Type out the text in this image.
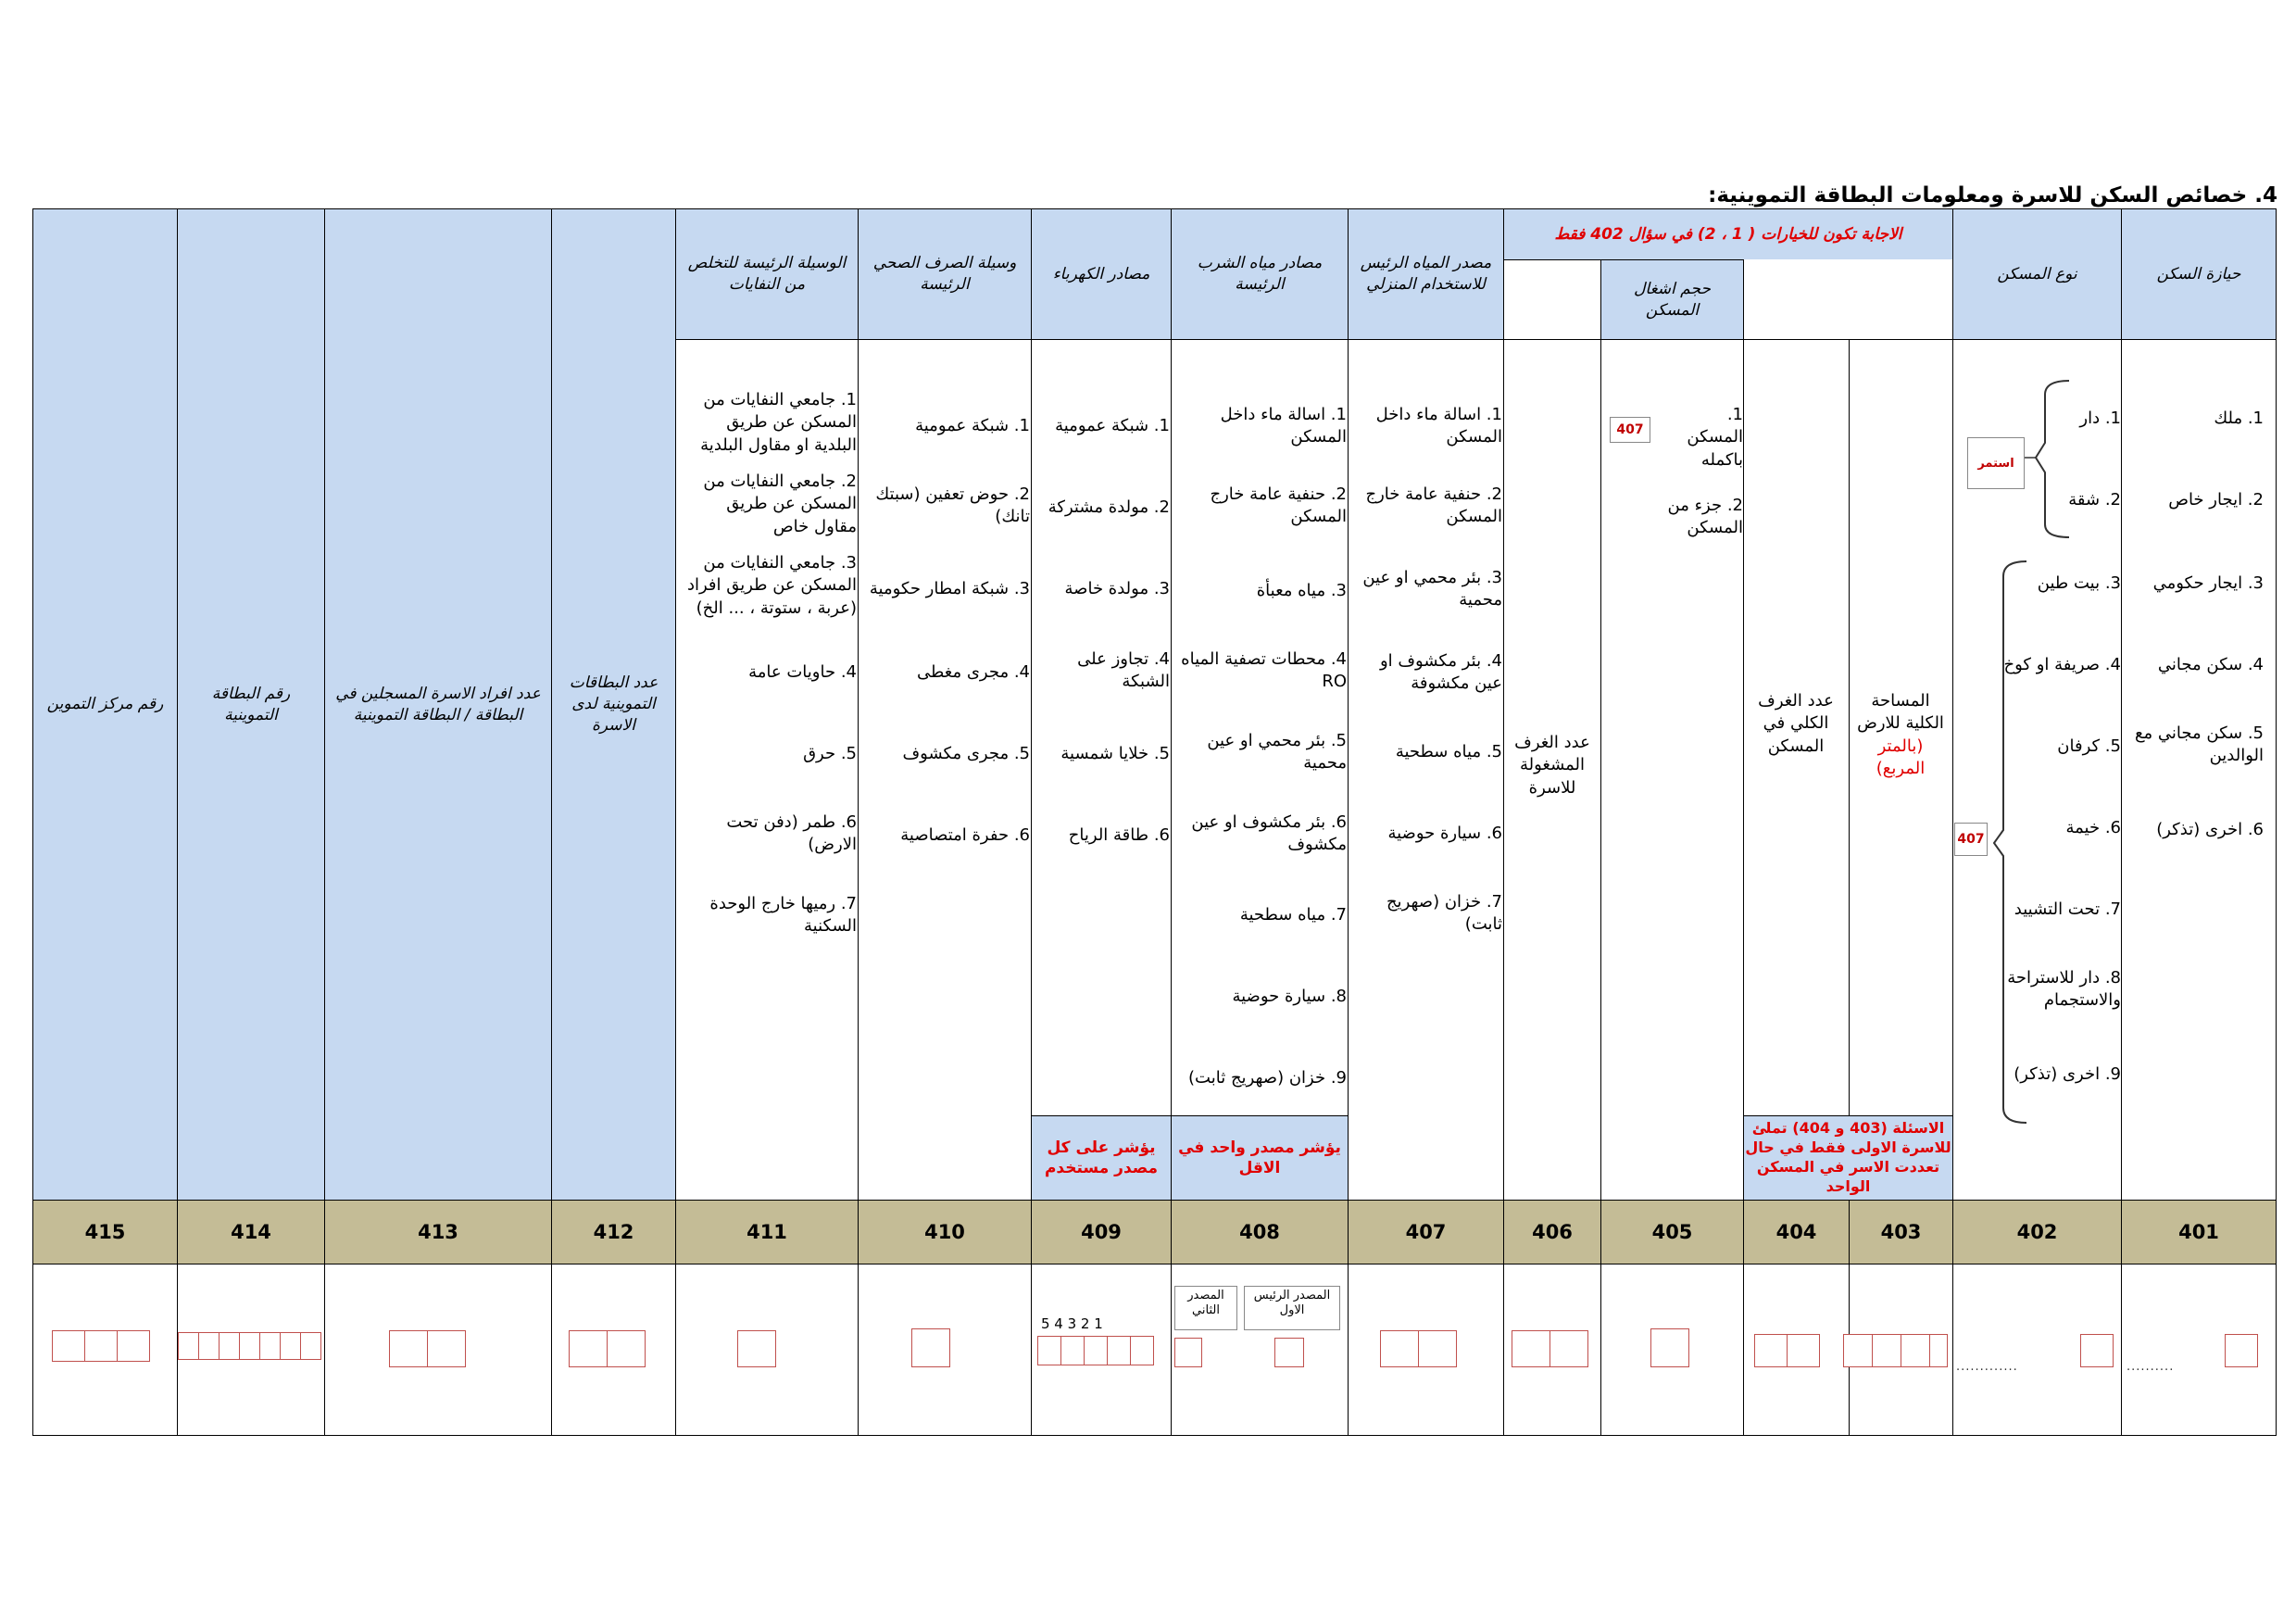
4. خصائص السكن للاسرة ومعلومات البطاقة التموينية:
حيازة السكن
نوع المسكن
الاجابة تكون للخيارات ( 1 ، 2) في سؤال 402 فقط
حجم اشغال المسكن
مصدر المياه الرئيس للاستخدام المنزلي
مصادر مياه الشرب الرئيسة
مصادر الكهرباء
وسيلة الصرف الصحي الرئيسة
الوسيلة الرئيسة للتخلص من النفايات
عدد البطاقات التموينية لدى الاسرة
عدد افراد الاسرة المسجلين في البطاقة / البطاقة التموينية
رقم البطاقة التموينية
رقم مركز التموين	المساحة الكلية للارض
(بالمتر المربع)
عدد الغرف الكلي في المسكن
عدد الغرف المشغولة للاسرة
1. ملك
2. ايجار خاص
3. ايجار حكومي
4. سكن مجاني
5. سكن مجاني مع الوالدين
6. اخرى (تذكر)
1. دار
2. شقة
3. بيت طين
4. صريفة او كوخ
5. كرفان
6. خيمة
7. تحت التشييد
8. دار للاستراحة والاستجمام
9. اخرى (تذكر)
استمر
407
1. المسكن باكمله
2. جزء من المسكن
407
1. اسالة ماء داخل المسكن
2. حنفية عامة خارج المسكن
3. بئر محمي او عين محمية
4. بئر مكشوف او عين مكشوفة
5. مياه سطحية
6. سيارة حوضية
7. خزان (صهريج ثابت)
1. اسالة ماء داخل المسكن
2. حنفية عامة خارج المسكن
3. مياه معبأة
4. محطات تصفية المياه RO
5. بئر محمي او عين محمية
6. بئر مكشوف او عين مكشوف
7. مياه سطحية
8. سيارة حوضية
9. خزان (صهريج ثابت)
يؤشر مصدر واحد في الاقل
1. شبكة عمومية
2. مولدة مشتركة
3. مولدة خاصة
4. تجاوز على الشبكة
5. خلايا شمسية
6. طاقة الرياح
يؤشر على كل مصدر مستخدم
1. شبكة عمومية
2. حوض تعفين (سبتك تانك)
3. شبكة امطار حكومية
4. مجرى مغطى
5. مجرى مكشوف
6. حفرة امتصاصية
1. جامعي النفايات من المسكن عن طريق البلدية او مقاول البلدية
2. جامعي النفايات من المسكن عن طريق مقاول خاص
3. جامعي النفايات من المسكن عن طريق افراد (عربة ، ستوتة ، ... الخ)
4. حاويات عامة
5. حرق
6. طمر (دفن تحت الارض)
7. رميها خارج الوحدة السكنية
الاسئلة (403 و 404) تملئ للاسرة الاولى فقط في حال تعددت الاسر في المسكن الواحد
401
402
403
404
405
406
407
408
409
410
411
412
413
414
415
..........
.............
المصدر الرئيس الاول
المصدر الثاني
5 4 3 2 1
